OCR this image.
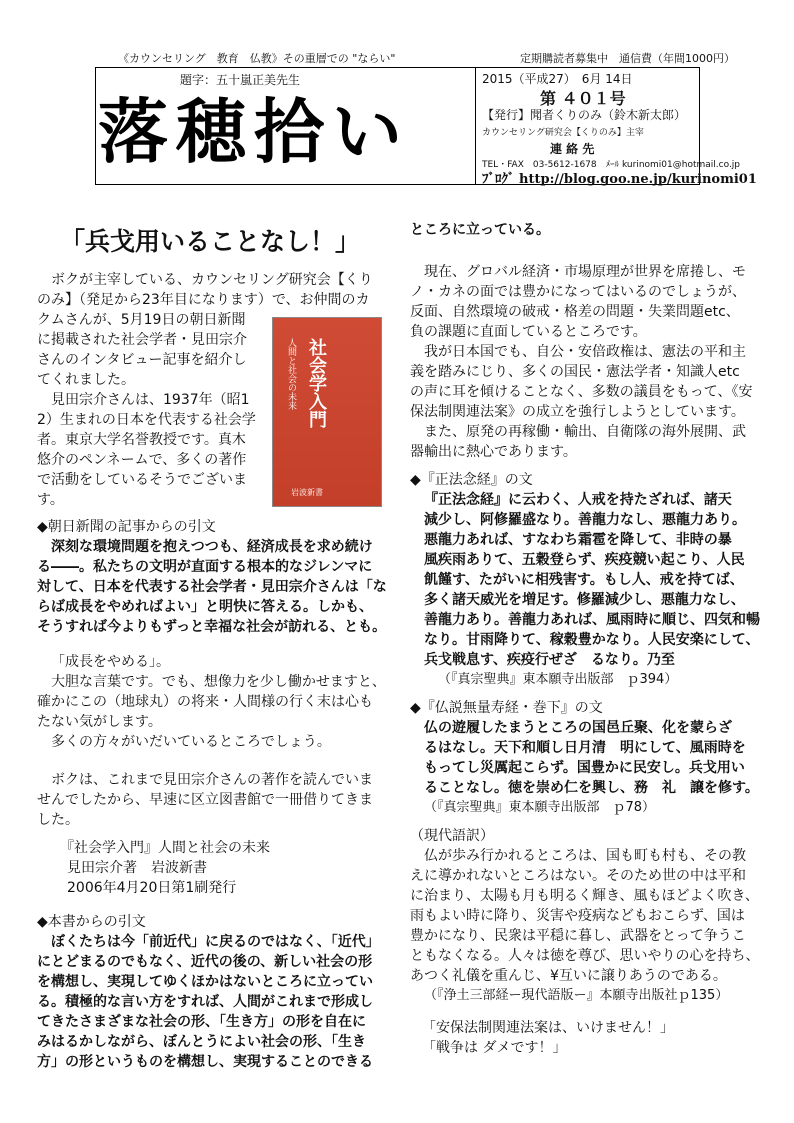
《カウンセリング　教育　仏教》その重層での "ならい"	定期購読者募集中　通信費（年間1000円）
題字：五十嵐正美先生
落穂拾い
2015（平成27）　6月 14日
第 ４０１号
【発行】聞者くりのみ（鈴木新太郎）
カウンセリング研究会【くりのみ】主宰
連 絡 先
TEL・FAX　03-5612-1678　ﾒｰﾙ kurinomi01@hotmail.co.jp
ﾌﾞﾛｸﾞ http://blog.goo.ne.jp/kurinomi01
「兵戈用いることなし！」

ボクが主宰している、カウンセリング研究会【くり

のみ】（発足から23年目になります）で、お仲間のカ

クムさんが、5月19日の朝日新聞

に掲載された社会学者・見田宗介

さんのインタビュー記事を紹介し

てくれました。

見田宗介さんは、1937年（昭1

2）生まれの日本を代表する社会学

者。東京大学名誉教授です。真木

悠介のペンネームで、多くの著作

で活動をしているそうでございま

す。

社会学入門
人間と社会の未来
岩波新書

◆朝日新聞の記事からの引文

深刻な環境問題を抱えつつも、経済成長を求め続け

る――。私たちの文明が直面する根本的なジレンマに

対して、日本を代表する社会学者・見田宗介さんは「な

らば成長をやめればよい」と明快に答える。しかも、

そうすれば今よりもずっと幸福な社会が訪れる、とも。

「成長をやめる」。

大胆な言葉です。でも、想像力を少し働かせますと、

確かにこの（地球丸）の将来・人間様の行く末は心も

たない気がします。

多くの方々がいだいているところでしょう。

ボクは、これまで見田宗介さんの著作を読んでいま

せんでしたから、早速に区立図書館で一冊借りてきま

した。

『社会学入門』人間と社会の未来

見田宗介著　岩波新書

2006年4月20日第1刷発行

◆本書からの引文

ぼくたちは今「前近代」に戻るのではなく、「近代」

にとどまるのでもなく、近代の後の、新しい社会の形

を構想し、実現してゆくほかはないところに立ってい

る。積極的な言い方をすれば、人間がこれまで形成し

てきたさまざまな社会の形、「生き方」の形を自在に

みはるかしながら、ぼんとうによい社会の形、「生き

方」の形というものを構想し、実現することのできる

ところに立っている。

現在、グロバル経済・市場原理が世界を席捲し、モ

ノ・カネの面では豊かになってはいるのでしょうが、

反面、自然環境の破戒・格差の問題・失業問題etc、

負の課題に直面しているところです。

我が日本国でも、自公・安倍政権は、憲法の平和主

義を踏みにじり、多くの国民・憲法学者・知識人etc

の声に耳を傾けることなく、多数の議員をもって、《安

保法制関連法案》の成立を強行しようとしています。

また、原発の再稼働・輸出、自衛隊の海外展開、武

器輸出に熱心であります。

◆『正法念経』の文

『正法念経』に云わく、人戒を持たざれば、諸天

減少し、阿修羅盛なり。善龍力なし、悪龍力あり。

悪龍力あれば、すなわち霜雹を降して、非時の暴

風疾雨ありて、五穀登らず、疾疫競い起こり、人民

飢饉す、たがいに相残害す。もし人、戒を持てば、

多く諸天威光を増足す。修羅減少し、悪龍力なし、

善龍力あり。善龍力あれば、風雨時に順じ、四気和暢

なり。甘雨降りて、稼穀豊かなり。人民安楽にして、

兵戈戦息す、疾疫行ぜざ　るなり。乃至

（『真宗聖典』東本願寺出版部　ｐ394）

◆『仏説無量寿経・巻下』の文

仏の遊履したまうところの国邑丘聚、化を蒙らざ

るはなし。天下和順し日月清　明にして、風雨時を

もってし災厲起こらず。国豊かに民安し。兵戈用い

ることなし。徳を崇め仁を興し、務　礼　譲を修す。

（『真宗聖典』東本願寺出版部　ｐ78）

（現代語訳）

仏が歩み行かれるところは、国も町も村も、その教

えに導かれないところはない。そのため世の中は平和

に治まり、太陽も月も明るく輝き、風もほどよく吹き、

雨もよい時に降り、災害や疫病などもおこらず、国は

豊かになり、民衆は平穏に暮し、武器をとって争うこ

ともなくなる。人々は徳を尊び、思いやりの心を持ち、

あつく礼儀を重んじ、¥互いに譲りあうのである。

（『浄土三部経ー現代語版ー』本願寺出版社ｐ135）

「安保法制関連法案は、いけません！」

「戦争は ダメです！」
